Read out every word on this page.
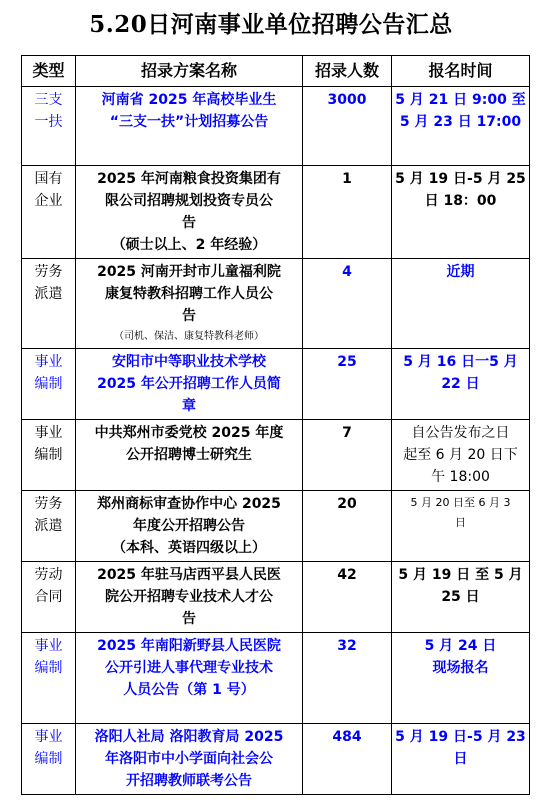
5.20日河南事业单位招聘公告汇总
类型	招录方案名称	招录人数	报名时间

三支
一扶	河南省 2025 年高校毕业生
“三支一扶”计划招募公告	3000	5 月 21 日 9:00 至
5 月 23 日 17:00

国有
企业	2025 年河南粮食投资集团有
限公司招聘规划投资专员公
告
（硕士以上、2 年经验）	1	5 月 19 日-5 月 25
日 18：00

劳务
派遣	2025 河南开封市儿童福利院
康复特教科招聘工作人员公
告
（司机、保洁、康复特教科老师）	4	近期

事业
编制	安阳市中等职业技术学校
2025 年公开招聘工作人员简
章	25	5 月 16 日一5 月
22 日

事业
编制	中共郑州市委党校 2025 年度
公开招聘博士研究生	7	自公告发布之日
起至 6 月 20 日下
午 18:00

劳务
派遣	郑州商标审查协作中心 2025
年度公开招聘公告
（本科、英语四级以上）	20	5 月 20 日至 6 月 3
日

劳动
合同	2025 年驻马店西平县人民医
院公开招聘专业技术人才公
告	42	5 月 19 日 至 5 月
25 日

事业
编制	2025 年南阳新野县人民医院
公开引进人事代理专业技术
人员公告（第 1 号）	32	5 月 24 日
现场报名

事业
编制	洛阳人社局 洛阳教育局 2025
年洛阳市中小学面向社会公
开招聘教师联考公告	484	5 月 19 日-5 月 23
日
